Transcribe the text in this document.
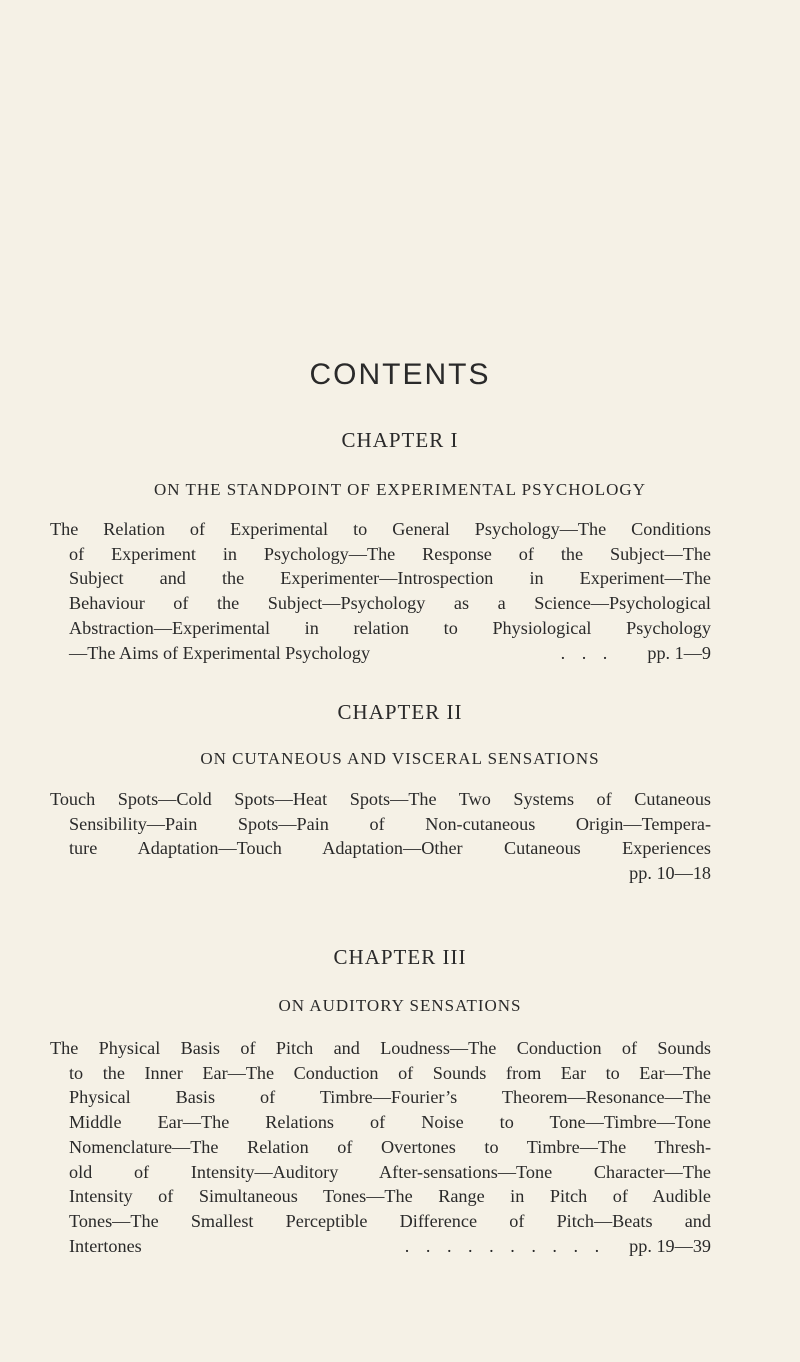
CONTENTS
CHAPTER I
ON THE STANDPOINT OF EXPERIMENTAL PSYCHOLOGY
The Relation of Experimental to General Psychology—The Conditions
of Experiment in Psychology—The Response of the Subject—The
Subject and the Experimenter—Introspection in Experiment—The
Behaviour of the Subject—Psychology as a Science—Psychological
Abstraction—Experimental in relation to Physiological Psychology
—The Aims of Experimental Psychology	. . . pp. 1—9
CHAPTER II
ON CUTANEOUS AND VISCERAL SENSATIONS
Touch Spots—Cold Spots—Heat Spots—The Two Systems of Cutaneous
Sensibility—Pain Spots—Pain of Non-cutaneous Origin—Tempera-
ture Adaptation—Touch Adaptation—Other Cutaneous Experiences
pp. 10—18
CHAPTER III
ON AUDITORY SENSATIONS
The Physical Basis of Pitch and Loudness—The Conduction of Sounds
to the Inner Ear—The Conduction of Sounds from Ear to Ear—The
Physical Basis of Timbre—Fourier’s Theorem—Resonance—The
Middle Ear—The Relations of Noise to Tone—Timbre—Tone
Nomenclature—The Relation of Overtones to Timbre—The Thresh-
old of Intensity—Auditory After-sensations—Tone Character—The
Intensity of Simultaneous Tones—The Range in Pitch of Audible
Tones—The Smallest Perceptible Difference of Pitch—Beats and
Intertones	. . . . . . . . . . pp. 19—39
